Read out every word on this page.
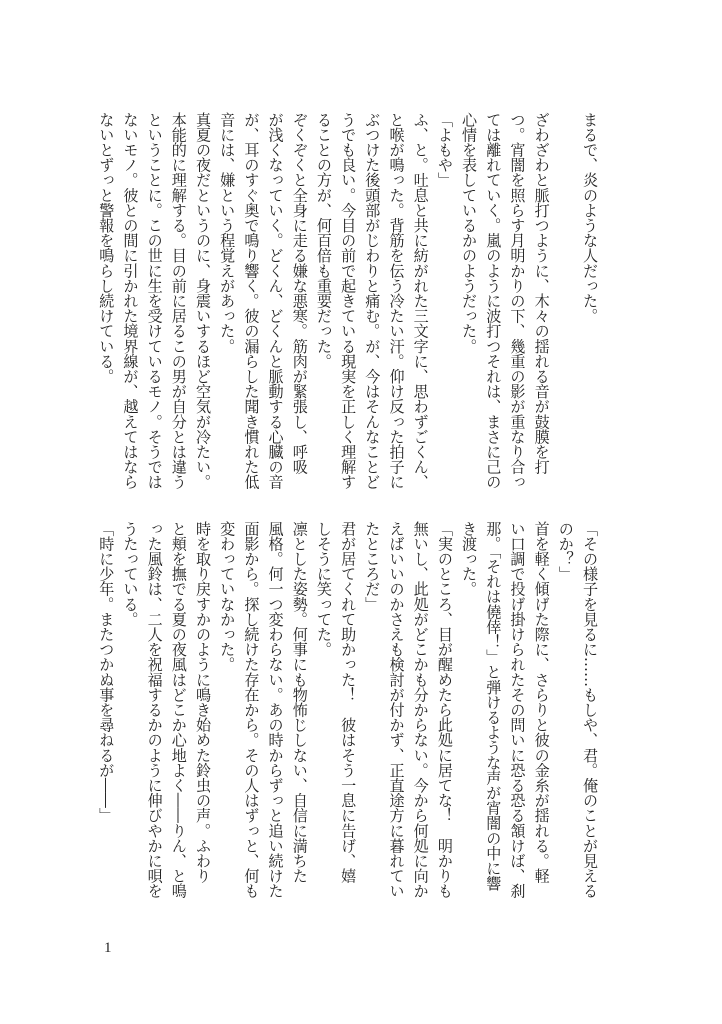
まるで、炎のような人だった。
ざわざわと脈打つように、木々の揺れる音が鼓膜を打
つ。宵闇を照らす月明かりの下、幾重の影が重なり合っ
ては離れていく。嵐のように波打つそれは、まさに己の
心情を表しているかのようだった。
「よもや」
ふ、と。吐息と共に紡がれた三文字に、思わずごくん、
と喉が鳴った。背筋を伝う冷たい汗。仰け反った拍子に
ぶつけた後頭部がじわりと痛む。が、今はそんなことど
うでも良い。今目の前で起きている現実を正しく理解す
ることの方が、何百倍も重要だった。
ぞくぞくと全身に走る嫌な悪寒。筋肉が緊張し、呼吸
が浅くなっていく。どくん、どくんと脈動する心臓の音
が、耳のすぐ奥で鳴り響く。彼の漏らした聞き慣れた低
音には、嫌という程覚えがあった。
真夏の夜だというのに、身震いするほど空気が冷たい。
本能的に理解する。目の前に居るこの男が自分とは違う
ということに。この世に生を受けているモノ。そうでは
ないモノ。彼との間に引かれた境界線が、越えてはなら
ないとずっと警報を鳴らし続けている。
「その様子を見るに……もしや、君。俺のことが見える
のか？」
首を軽く傾げた際に、さらりと彼の金糸が揺れる。軽
い口調で投げ掛けられたその問いに恐る恐る頷けば、刹
那。「それは僥倖！」と弾けるような声が宵闇の中に響
き渡った。
「実のところ、目が醒めたら此処に居てな！　明かりも
無いし、此処がどこかも分からない。今から何処に向か
えばいいのかさえも検討が付かず、正直途方に暮れてい
たところだ」
君が居てくれて助かった！　彼はそう一息に告げ、嬉
しそうに笑ってた。
凛とした姿勢。何事にも物怖じしない、自信に満ちた
風格。何一つ変わらない。あの時からずっと追い続けた
面影から。探し続けた存在から。その人はずっと、何も
変わっていなかった。
時を取り戻すかのように鳴き始めた鈴虫の声。ふわり
と頬を撫でる夏の夜風はどこか心地よく――りん、と鳴
った風鈴は、二人を祝福するかのように伸びやかに唄を
うたっている。
「時に少年。またつかぬ事を尋ねるが――」
1
